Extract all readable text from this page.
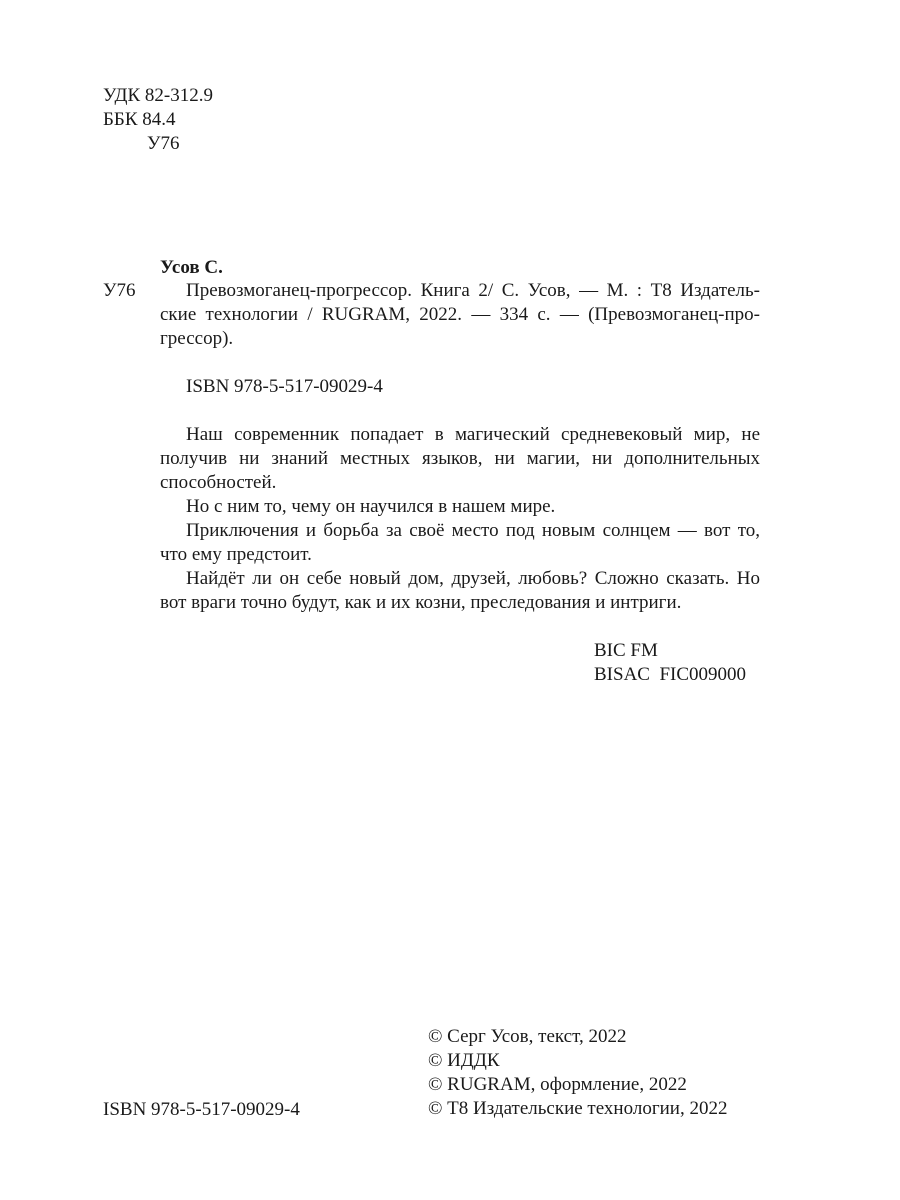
УДК 82-312.9
ББК 84.4
У76
Усов С.
У76	Превозмоганец-прогрессор. Книга 2/ С. Усов, — М. : Т8 Издатель-

ские технологии / RUGRAM, 2022. — 334 с. — (Превозмоганец-про-
грессор).
ISBN 978-5-517-09029-4

Наш современник попадает в магический средневековый мир, не получив ни знаний местных языков, ни магии, ни дополнительных способностей.

Но с ним то, чему он научился в нашем мире.

Приключения и борьба за своё место под новым солнцем — вот то, что ему предстоит.

Найдёт ли он себе новый дом, друзей, любовь? Сложно сказать. Но вот враги точно будут, как и их козни, преследования и интриги.

BIC FM
BISAC  FIC009000
© Серг Усов, текст, 2022
© ИДДК
© RUGRAM, оформление, 2022
© Т8 Издательские технологии, 2022
ISBN 978-5-517-09029-4
